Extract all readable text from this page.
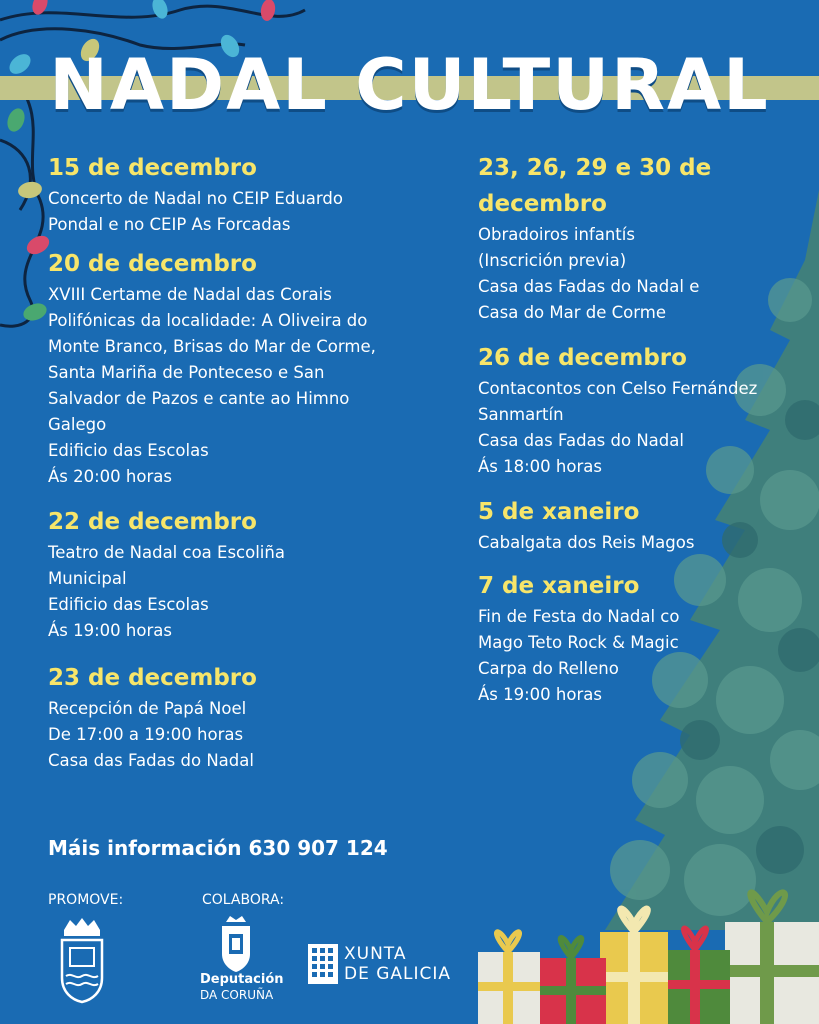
NADAL CULTURAL
15 de decembro
Concerto de Nadal no CEIP Eduardo
Pondal e no CEIP As Forcadas
20 de decembro
XVIII Certame de Nadal das Corais
Polifónicas da localidade: A Oliveira do
Monte Branco, Brisas do Mar de Corme,
Santa Mariña de Ponteceso e San
Salvador de Pazos e cante ao Himno
Galego
Edificio das Escolas
Ás 20:00 horas
22 de decembro
Teatro de Nadal coa Escoliña
Municipal
Edificio das Escolas
Ás 19:00 horas
23 de decembro
Recepción de Papá Noel
De 17:00 a 19:00 horas
Casa das Fadas do Nadal
23, 26, 29 e 30 de
decembro
Obradoiros infantís
(Inscrición previa)
Casa das Fadas do Nadal e
Casa do Mar de Corme
26 de decembro
Contacontos con Celso Fernández
Sanmartín
Casa das Fadas do Nadal
Ás 18:00 horas
5 de xaneiro
Cabalgata dos Reis Magos
7 de xaneiro
Fin de Festa do Nadal co
Mago Teto Rock & Magic
Carpa do Relleno
Ás 19:00 horas
Máis información 630 907 124
PROMOVE:	COLABORA:
Deputación
DA CORUÑA
XUNTA
DE GALICIA
